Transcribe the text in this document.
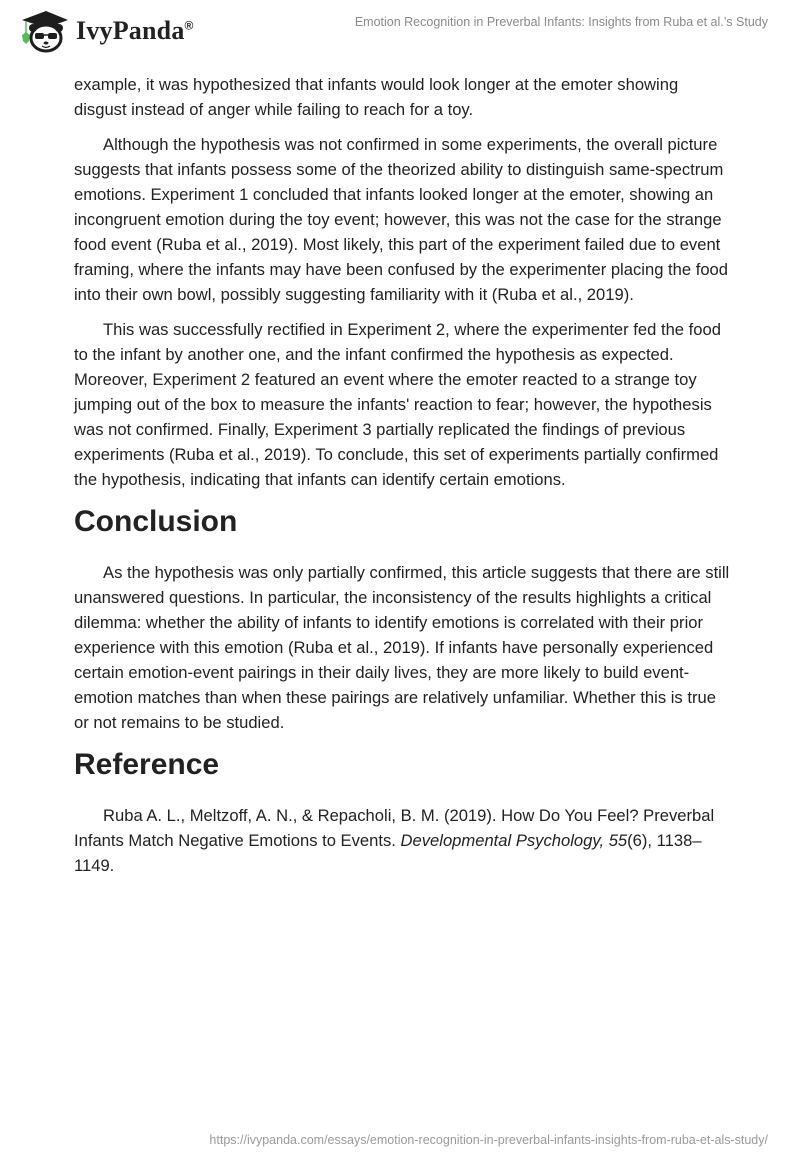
IvyPanda®	Emotion Recognition in Preverbal Infants: Insights from Ruba et al.’s Study

example, it was hypothesized that infants would look longer at the emoter showing disgust instead of anger while failing to reach for a toy.

Although the hypothesis was not confirmed in some experiments, the overall picture suggests that infants possess some of the theorized ability to distinguish same-spectrum emotions. Experiment 1 concluded that infants looked longer at the emoter, showing an incongruent emotion during the toy event; however, this was not the case for the strange food event (Ruba et al., 2019). Most likely, this part of the experiment failed due to event framing, where the infants may have been confused by the experimenter placing the food into their own bowl, possibly suggesting familiarity with it (Ruba et al., 2019).

This was successfully rectified in Experiment 2, where the experimenter fed the food to the infant by another one, and the infant confirmed the hypothesis as expected. Moreover, Experiment 2 featured an event where the emoter reacted to a strange toy jumping out of the box to measure the infants' reaction to fear; however, the hypothesis was not confirmed. Finally, Experiment 3 partially replicated the findings of previous experiments (Ruba et al., 2019). To conclude, this set of experiments partially confirmed the hypothesis, indicating that infants can identify certain emotions.

Conclusion

As the hypothesis was only partially confirmed, this article suggests that there are still unanswered questions. In particular, the inconsistency of the results highlights a critical dilemma: whether the ability of infants to identify emotions is correlated with their prior experience with this emotion (Ruba et al., 2019). If infants have personally experienced certain emotion-event pairings in their daily lives, they are more likely to build event-emotion matches than when these pairings are relatively unfamiliar. Whether this is true or not remains to be studied.

Reference

Ruba A. L., Meltzoff, A. N., & Repacholi, B. M. (2019). How Do You Feel? Preverbal Infants Match Negative Emotions to Events. Developmental Psychology, 55(6), 1138–1149.

https://ivypanda.com/essays/emotion-recognition-in-preverbal-infants-insights-from-ruba-et-als-study/
